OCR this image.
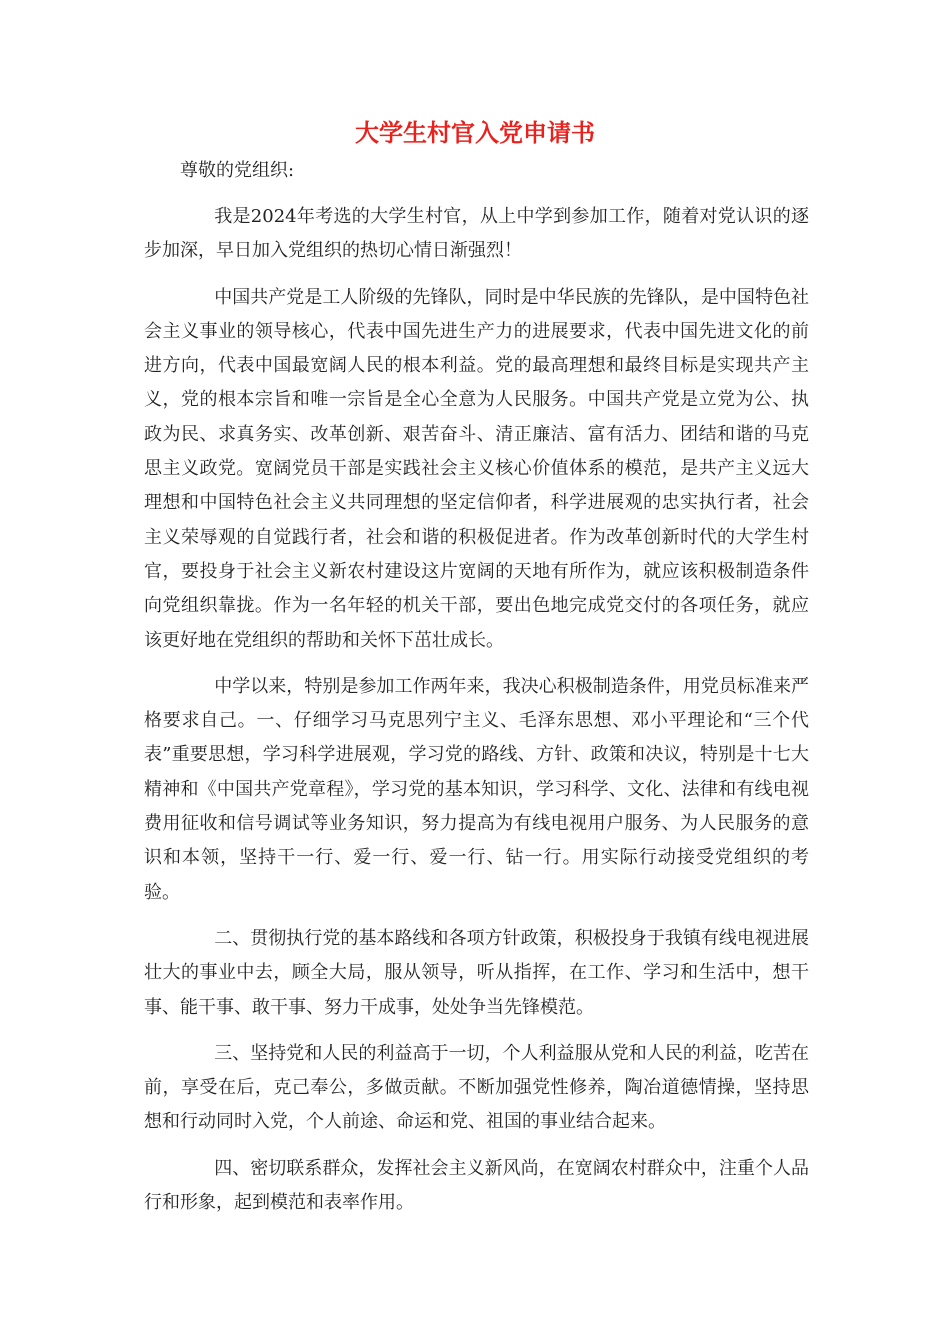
大学生村官入党申请书
尊敬的党组织:

我是2024年考选的大学生村官，从上中学到参加工作，随着对党认识的逐步加深，早日加入党组织的热切心情日渐强烈！

中国共产党是工人阶级的先锋队，同时是中华民族的先锋队，是中国特色社会主义事业的领导核心，代表中国先进生产力的进展要求，代表中国先进文化的前进方向，代表中国最宽阔人民的根本利益。党的最高理想和最终目标是实现共产主义，党的根本宗旨和唯一宗旨是全心全意为人民服务。中国共产党是立党为公、执政为民、求真务实、改革创新、艰苦奋斗、清正廉洁、富有活力、团结和谐的马克思主义政党。宽阔党员干部是实践社会主义核心价值体系的模范，是共产主义远大理想和中国特色社会主义共同理想的坚定信仰者，科学进展观的忠实执行者，社会主义荣辱观的自觉践行者，社会和谐的积极促进者。作为改革创新时代的大学生村官，要投身于社会主义新农村建设这片宽阔的天地有所作为，就应该积极制造条件向党组织靠拢。作为一名年轻的机关干部，要出色地完成党交付的各项任务，就应该更好地在党组织的帮助和关怀下茁壮成长。

中学以来，特别是参加工作两年来，我决心积极制造条件，用党员标准来严格要求自己。一、仔细学习马克思列宁主义、毛泽东思想、邓小平理论和“三个代表”重要思想，学习科学进展观，学习党的路线、方针、政策和决议，特别是十七大精神和《中国共产党章程》，学习党的基本知识，学习科学、文化、法律和有线电视费用征收和信号调试等业务知识，努力提高为有线电视用户服务、为人民服务的意识和本领，坚持干一行、爱一行、爱一行、钻一行。用实际行动接受党组织的考验。

二、贯彻执行党的基本路线和各项方针政策，积极投身于我镇有线电视进展壮大的事业中去，顾全大局，服从领导，听从指挥，在工作、学习和生活中，想干事、能干事、敢干事、努力干成事，处处争当先锋模范。

三、坚持党和人民的利益高于一切，个人利益服从党和人民的利益，吃苦在前，享受在后，克己奉公，多做贡献。不断加强党性修养，陶冶道德情操，坚持思想和行动同时入党，个人前途、命运和党、祖国的事业结合起来。

四、密切联系群众，发挥社会主义新风尚，在宽阔农村群众中，注重个人品行和形象，起到模范和表率作用。
